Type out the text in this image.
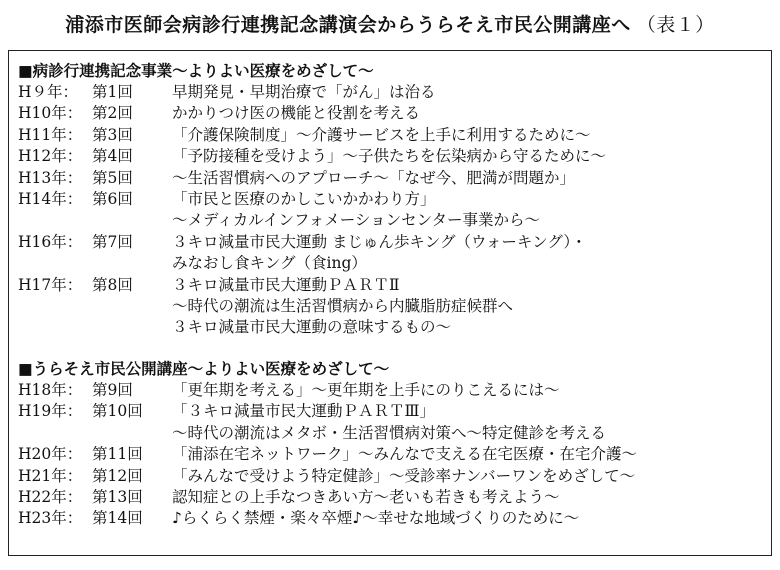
浦添市医師会病診行連携記念講演会からうらそえ市民公開講座へ （表１）
■病診行連携記念事業～よりよい医療をめざして～
H９年： 第1回	早期発見・早期治療で「がん」は治る
H10年： 第2回	かかりつけ医の機能と役割を考える
H11年： 第3回	「介護保険制度」～介護サービスを上手に利用するために～
H12年： 第4回	「予防接種を受けよう」～子供たちを伝染病から守るために～
H13年： 第5回	～生活習慣病へのアプローチ～「なぜ今、肥満が問題か」
H14年： 第6回	「市民と医療のかしこいかかわり方」
～メディカルインフォメーションセンター事業から～
H16年： 第7回	３キロ減量市民大運動 まじゅん歩キング（ウォーキング）・
みなおし食キング（食ing）
H17年： 第8回	３キロ減量市民大運動ＰＡＲＴⅡ
～時代の潮流は生活習慣病から内臓脂肪症候群へ
３キロ減量市民大運動の意味するもの～
■うらそえ市民公開講座～よりよい医療をめざして～
H18年： 第9回	「更年期を考える」～更年期を上手にのりこえるには～
H19年： 第10回	「３キロ減量市民大運動ＰＡＲＴⅢ」
～時代の潮流はメタボ・生活習慣病対策へ～特定健診を考える
H20年： 第11回	「浦添在宅ネットワーク」～みんなで支える在宅医療・在宅介護～
H21年： 第12回	「みんなで受けよう特定健診」～受診率ナンバーワンをめざして～
H22年： 第13回	認知症との上手なつきあい方～老いも若きも考えよう～
H23年： 第14回	♪らくらく禁煙・楽々卒煙♪～幸せな地域づくりのために～
